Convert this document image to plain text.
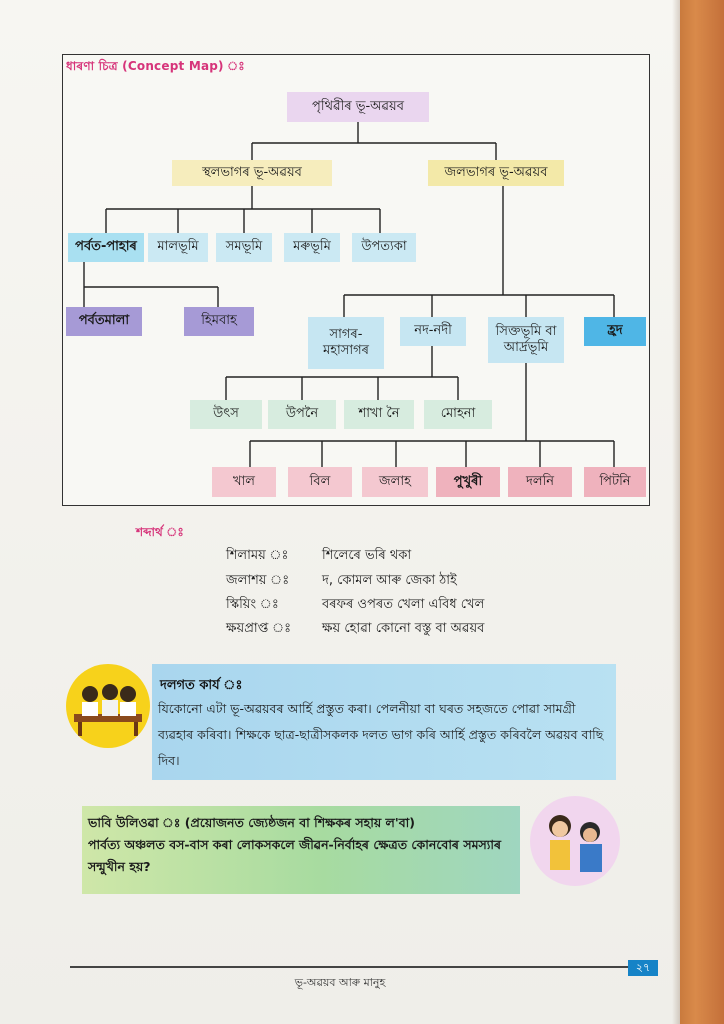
ধাৰণা চিত্ৰ (Concept Map) ঃ
পৃথিৱীৰ ভূ-অৱয়ব
স্থলভাগৰ ভূ-অৱয়ব	জলভাগৰ ভূ-অৱয়ব
পৰ্বত-পাহাৰ	মালভূমি	সমভূমি	মৰুভূমি	উপত্যকা
পৰ্বতমালা	হিমবাহ
সাগৰ-মহাসাগৰ
নদ-নদী	সিক্তভূমি বা আৰ্দ্ৰভূমি
হ্ৰদ
উৎস	উপনৈ	শাখা নৈ	মোহনা
খাল	বিল	জলাহ	পুখুৰী	দলনি	পিটনি
শব্দাৰ্থ ঃ
শিলাময় ঃ	শিলেৰে ভৰি থকা
জলাশয় ঃ	দ, কোমল আৰু জেকা ঠাই
স্কিয়িং ঃ	বৰফৰ ওপৰত খেলা এবিধ খেল
ক্ষয়প্ৰাপ্ত ঃ	ক্ষয় হোৱা কোনো বস্তু বা অৱয়ব
দলগত কাৰ্য ঃ
যিকোনো এটা ভূ-অৱয়বৰ আৰ্হি প্ৰস্তুত কৰা। পেলনীয়া বা ঘৰত সহজতে পোৱা সামগ্ৰী ব্যৱহাৰ কৰিবা। শিক্ষকে ছাত্ৰ-ছাত্ৰীসকলক দলত ভাগ কৰি আৰ্হি প্ৰস্তুত কৰিবলৈ অৱয়ব বাছি দিব।
ভাবি উলিওৱা ঃ (প্ৰয়োজনত জ্যেষ্ঠজন বা শিক্ষকৰ সহায় ল'বা)
পাৰ্বত্য অঞ্চলত বস-বাস কৰা লোকসকলে জীৱন-নিৰ্বাহৰ ক্ষেত্ৰত কোনবোৰ সমস্যাৰ সন্মুখীন হয়?
ভূ-অৱয়ব আৰু মানুহ
২৭
